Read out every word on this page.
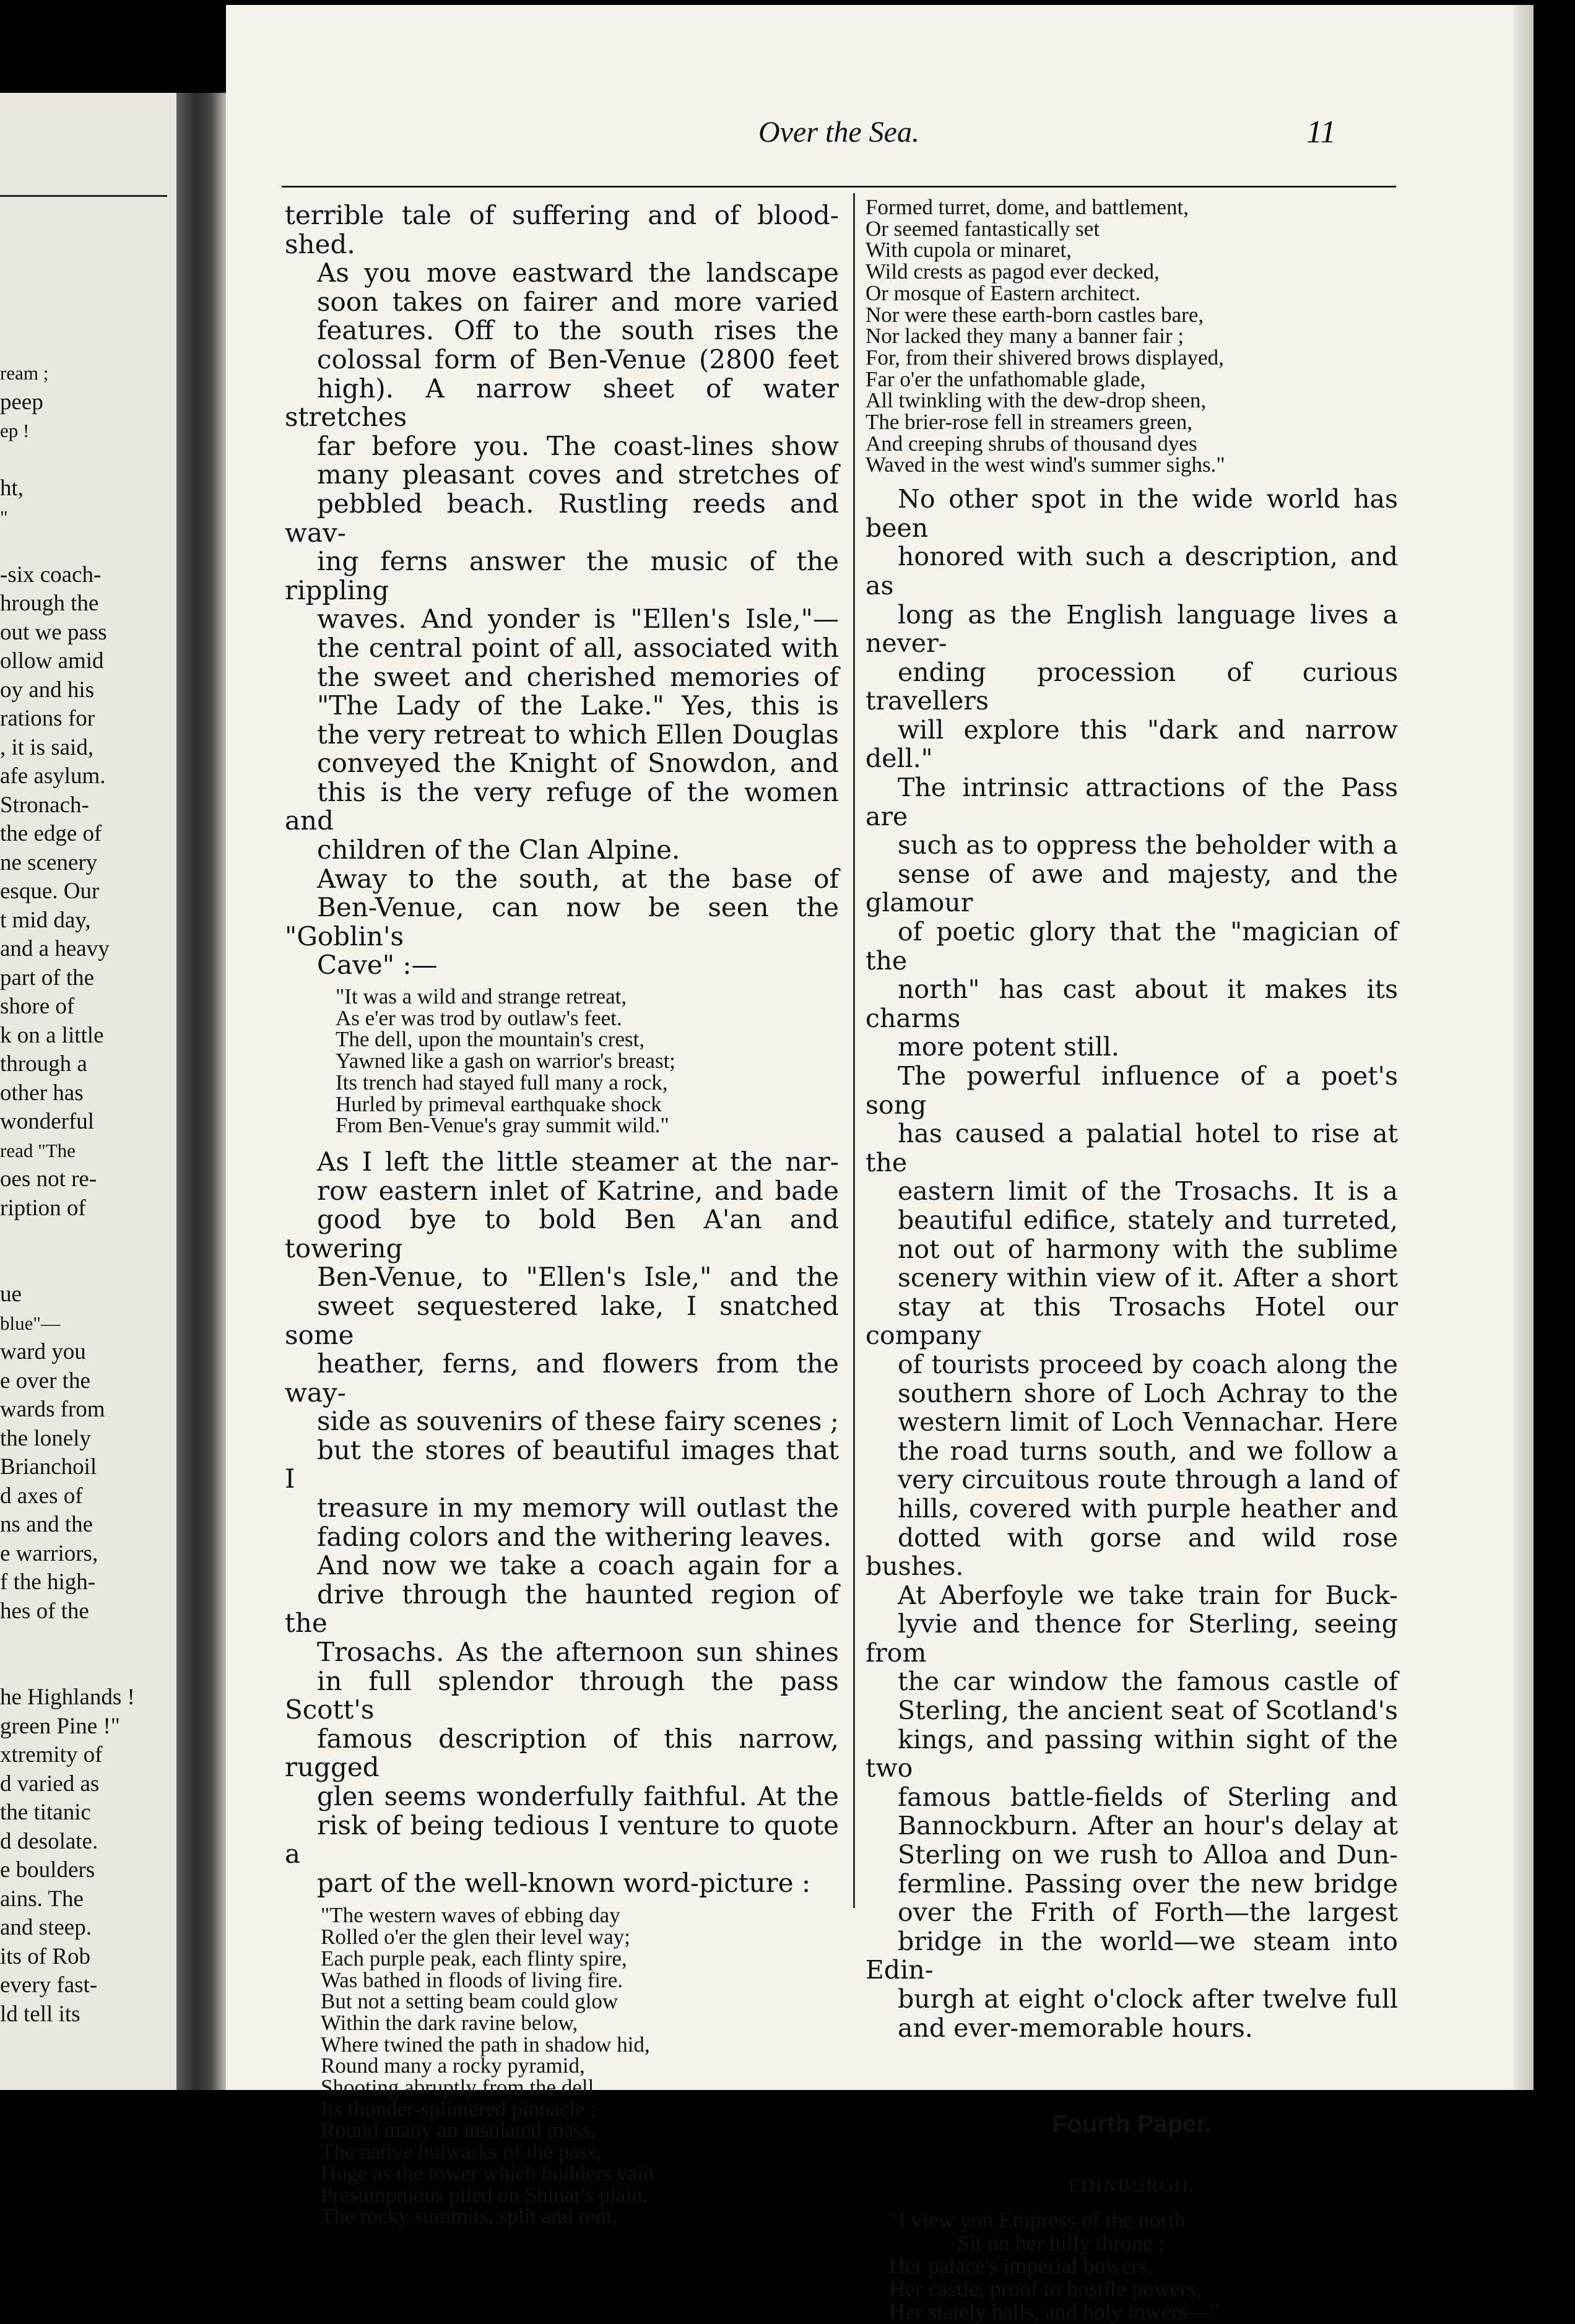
ream ;
peep
ep !
ht,
"
-six coach-
hrough the
out we pass
ollow amid
oy and his
rations for
, it is said,
afe asylum.
Stronach-
the edge of
ne scenery
esque. Our
t mid day,
and a heavy
part of the
shore of
k on a little
through a
other has
wonderful
read "The
oes not re-
ription of
ue
blue"—
ward you
e over the
wards from
the lonely
Brianchoil
d axes of
ns and the
e warriors,
f the high-
hes of the
he Highlands !
green Pine !"
xtremity of
d varied as
the titanic
d desolate.
e boulders
ains. The
and steep.
its of Rob
every fast-
ld tell its
Over the Sea.	11

terrible tale of suffering and of blood-

shed.

As you move eastward the landscape

soon takes on fairer and more varied

features. Off to the south rises the

colossal form of Ben-Venue (2800 feet

high). A narrow sheet of water stretches

far before you. The coast-lines show

many pleasant coves and stretches of

pebbled beach. Rustling reeds and wav-

ing ferns answer the music of the rippling

waves. And yonder is "Ellen's Isle,"—

the central point of all, associated with

the sweet and cherished memories of

"The Lady of the Lake." Yes, this is

the very retreat to which Ellen Douglas

conveyed the Knight of Snowdon, and

this is the very refuge of the women and

children of the Clan Alpine.

Away to the south, at the base of

Ben-Venue, can now be seen the "Goblin's

Cave" :—

"It was a wild and strange retreat,
As e'er was trod by outlaw's feet.
The dell, upon the mountain's crest,
Yawned like a gash on warrior's breast;
Its trench had stayed full many a rock,
Hurled by primeval earthquake shock
From Ben-Venue's gray summit wild."

As I left the little steamer at the nar-

row eastern inlet of Katrine, and bade

good bye to bold Ben A'an and towering

Ben-Venue, to "Ellen's Isle," and the

sweet sequestered lake, I snatched some

heather, ferns, and flowers from the way-

side as souvenirs of these fairy scenes ;

but the stores of beautiful images that I

treasure in my memory will outlast the

fading colors and the withering leaves.

And now we take a coach again for a

drive through the haunted region of the

Trosachs. As the afternoon sun shines

in full splendor through the pass Scott's

famous description of this narrow, rugged

glen seems wonderfully faithful. At the

risk of being tedious I venture to quote a

part of the well-known word-picture :

"The western waves of ebbing day
Rolled o'er the glen their level way;
Each purple peak, each flinty spire,
Was bathed in floods of living fire.
But not a setting beam could glow
Within the dark ravine below,
Where twined the path in shadow hid,
Round many a rocky pyramid,
Shooting abruptly from the dell
Its thunder-splintered pinnacle ;
Round many an insulated mass,
The native bulwarks of the pass,
Huge as the tower which builders vain
Presumptuous piled on Shinar's plain.
The rocky summits, split and rent,
Formed turret, dome, and battlement,
Or seemed fantastically set
With cupola or minaret,
Wild crests as pagod ever decked,
Or mosque of Eastern architect.
Nor were these earth-born castles bare,
Nor lacked they many a banner fair ;
For, from their shivered brows displayed,
Far o'er the unfathomable glade,
All twinkling with the dew-drop sheen,
The brier-rose fell in streamers green,
And creeping shrubs of thousand dyes
Waved in the west wind's summer sighs."

No other spot in the wide world has been

honored with such a description, and as

long as the English language lives a never-

ending procession of curious travellers

will explore this "dark and narrow dell."

The intrinsic attractions of the Pass are

such as to oppress the beholder with a

sense of awe and majesty, and the glamour

of poetic glory that the "magician of the

north" has cast about it makes its charms

more potent still.

The powerful influence of a poet's song

has caused a palatial hotel to rise at the

eastern limit of the Trosachs. It is a

beautiful edifice, stately and turreted,

not out of harmony with the sublime

scenery within view of it. After a short

stay at this Trosachs Hotel our company

of tourists proceed by coach along the

southern shore of Loch Achray to the

western limit of Loch Vennachar. Here

the road turns south, and we follow a

very circuitous route through a land of

hills, covered with purple heather and

dotted with gorse and wild rose bushes.

At Aberfoyle we take train for Buck-

lyvie and thence for Sterling, seeing from

the car window the famous castle of

Sterling, the ancient seat of Scotland's

kings, and passing within sight of the two

famous battle-fields of Sterling and

Bannockburn. After an hour's delay at

Sterling on we rush to Alloa and Dun-

fermline. Passing over the new bridge

over the Frith of Forth—the largest

bridge in the world—we steam into Edin-

burgh at eight o'clock after twelve full

and ever-memorable hours.

Fourth Paper.
EDINBURGH.
"I view yon Empress of the north
Sit on her hilly throne ;
Her palace's imperial bowers,
Her castle, proof to hostile powers,
Her stately halls, and holy towers—"
